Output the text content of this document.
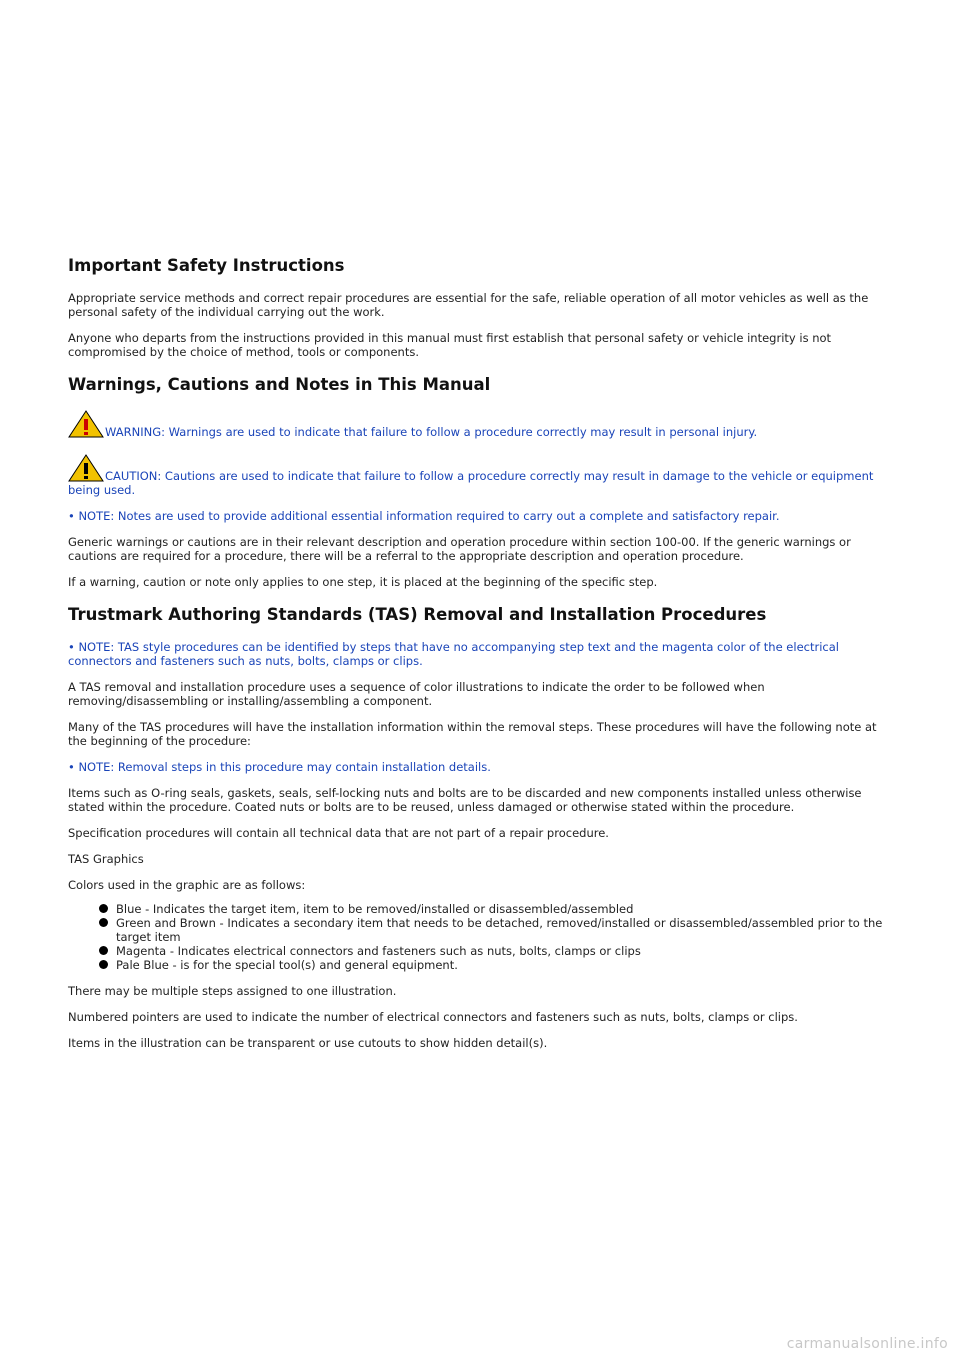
Important Safety Instructions

Appropriate service methods and correct repair procedures are essential for the safe, reliable operation of all motor vehicles as well as the personal safety of the individual carrying out the work.

Anyone who departs from the instructions provided in this manual must first establish that personal safety or vehicle integrity is not compromised by the choice of method, tools or components.

Warnings, Cautions and Notes in This Manual

WARNING: Warnings are used to indicate that failure to follow a procedure correctly may result in personal injury.

CAUTION: Cautions are used to indicate that failure to follow a procedure correctly may result in damage to the vehicle or equipment being used.

• NOTE: Notes are used to provide additional essential information required to carry out a complete and satisfactory repair.

Generic warnings or cautions are in their relevant description and operation procedure within section 100-00. If the generic warnings or cautions are required for a procedure, there will be a referral to the appropriate description and operation procedure.

If a warning, caution or note only applies to one step, it is placed at the beginning of the specific step.

Trustmark Authoring Standards (TAS) Removal and Installation Procedures

• NOTE: TAS style procedures can be identified by steps that have no accompanying step text and the magenta color of the electrical connectors and fasteners such as nuts, bolts, clamps or clips.

A TAS removal and installation procedure uses a sequence of color illustrations to indicate the order to be followed when removing/disassembling or installing/assembling a component.

Many of the TAS procedures will have the installation information within the removal steps. These procedures will have the following note at the beginning of the procedure:

• NOTE: Removal steps in this procedure may contain installation details.

Items such as O-ring seals, gaskets, seals, self-locking nuts and bolts are to be discarded and new components installed unless otherwise stated within the procedure. Coated nuts or bolts are to be reused, unless damaged or otherwise stated within the procedure.

Specification procedures will contain all technical data that are not part of a repair procedure.

TAS Graphics

Colors used in the graphic are as follows:

Blue - Indicates the target item, item to be removed/installed or disassembled/assembled
Green and Brown - Indicates a secondary item that needs to be detached, removed/installed or disassembled/assembled prior to the target item
Magenta - Indicates electrical connectors and fasteners such as nuts, bolts, clamps or clips
Pale Blue - is for the special tool(s) and general equipment.

There may be multiple steps assigned to one illustration.

Numbered pointers are used to indicate the number of electrical connectors and fasteners such as nuts, bolts, clamps or clips.

Items in the illustration can be transparent or use cutouts to show hidden detail(s).

carmanualsonline.info
